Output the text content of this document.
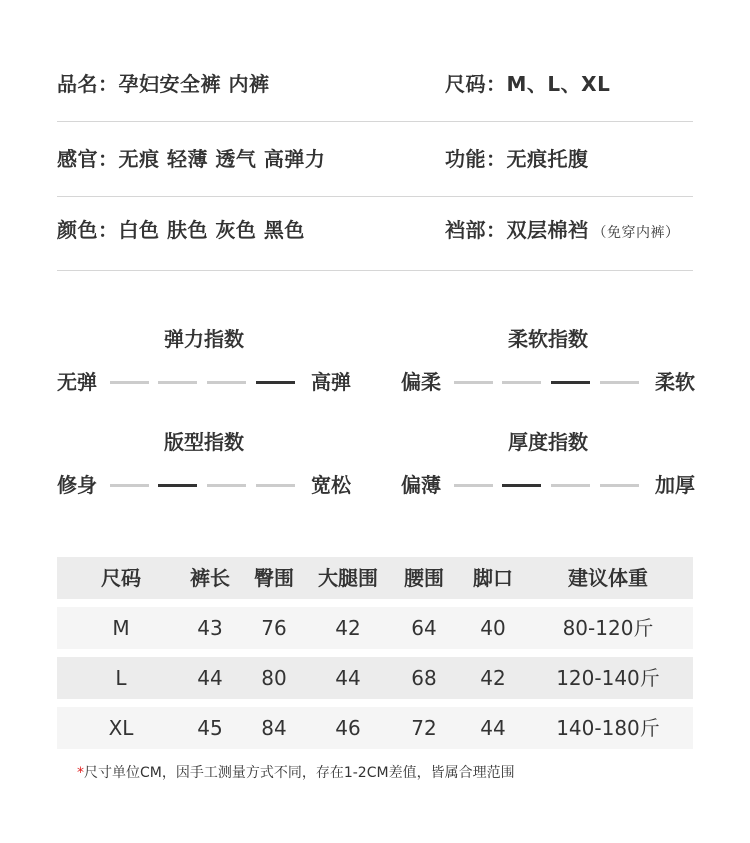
品名：孕妇安全裤 内裤	尺码：M、L、XL
感官：无痕 轻薄 透气 高弹力	功能：无痕托腹
颜色：白色 肤色 灰色 黑色	裆部：双层棉裆 （免穿内裤）
弹力指数
无弹	高弹
柔软指数
偏柔	柔软
版型指数
修身	宽松
厚度指数
偏薄	加厚
尺码 裤长 臀围 大腿围 腰围 脚口	建议体重
M	43 76 42	64 40	80-120斤
L	44 80 44	68 42	120-140斤
XL	45 84 46	72 44	140-180斤
*尺寸单位CM，因手工测量方式不同，存在1-2CM差值，皆属合理范围
